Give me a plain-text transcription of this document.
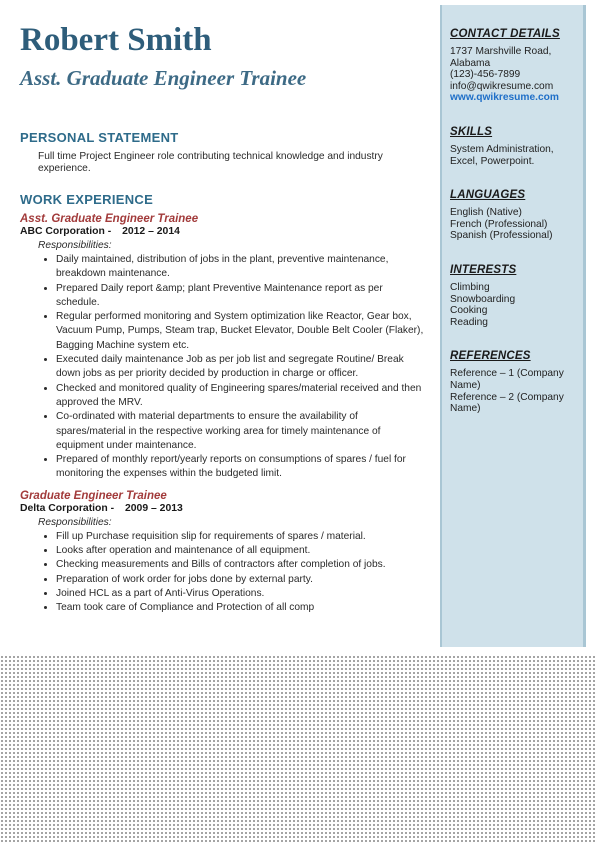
Robert Smith
Asst. Graduate Engineer Trainee
PERSONAL STATEMENT
Full time Project Engineer role contributing technical knowledge and industry experience.
WORK EXPERIENCE
Asst. Graduate Engineer Trainee
ABC Corporation - 2012 – 2014
Responsibilities:
• Daily maintained, distribution of jobs in the plant, preventive maintenance, breakdown maintenance.
• Prepared Daily report &amp; plant Preventive Maintenance report as per schedule.
• Regular performed monitoring and System optimization like Reactor, Gear box, Vacuum Pump, Pumps, Steam trap, Bucket Elevator, Double Belt Cooler (Flaker), Bagging Machine system etc.
• Executed daily maintenance Job as per job list and segregate Routine/ Break down jobs as per priority decided by production in charge or officer.
• Checked and monitored quality of Engineering spares/material received and then approved the MRV.
• Co-ordinated with material departments to ensure the availability of spares/material in the respective working area for timely maintenance of equipment under maintenance.
• Prepared of monthly report/yearly reports on consumptions of spares / fuel for monitoring the expenses within the budgeted limit.
Graduate Engineer Trainee
Delta Corporation - 2009 – 2013
Responsibilities:
• Fill up Purchase requisition slip for requirements of spares / material.
• Looks after operation and maintenance of all equipment.
• Checking measurements and Bills of contractors after completion of jobs.
• Preparation of work order for jobs done by external party.
• Joined HCL as a part of Anti-Virus Operations.
• Team took care of Compliance and Protection of all comp
CONTACT DETAILS
1737 Marshville Road,
Alabama
(123)-456-7899
info@qwikresume.com
www.qwikresume.com
SKILLS
System Administration,
Excel, Powerpoint.
LANGUAGES
English (Native)
French (Professional)
Spanish (Professional)
INTERESTS
Climbing
Snowboarding
Cooking
Reading
REFERENCES
Reference – 1 (Company
Name)
Reference – 2 (Company
Name)
